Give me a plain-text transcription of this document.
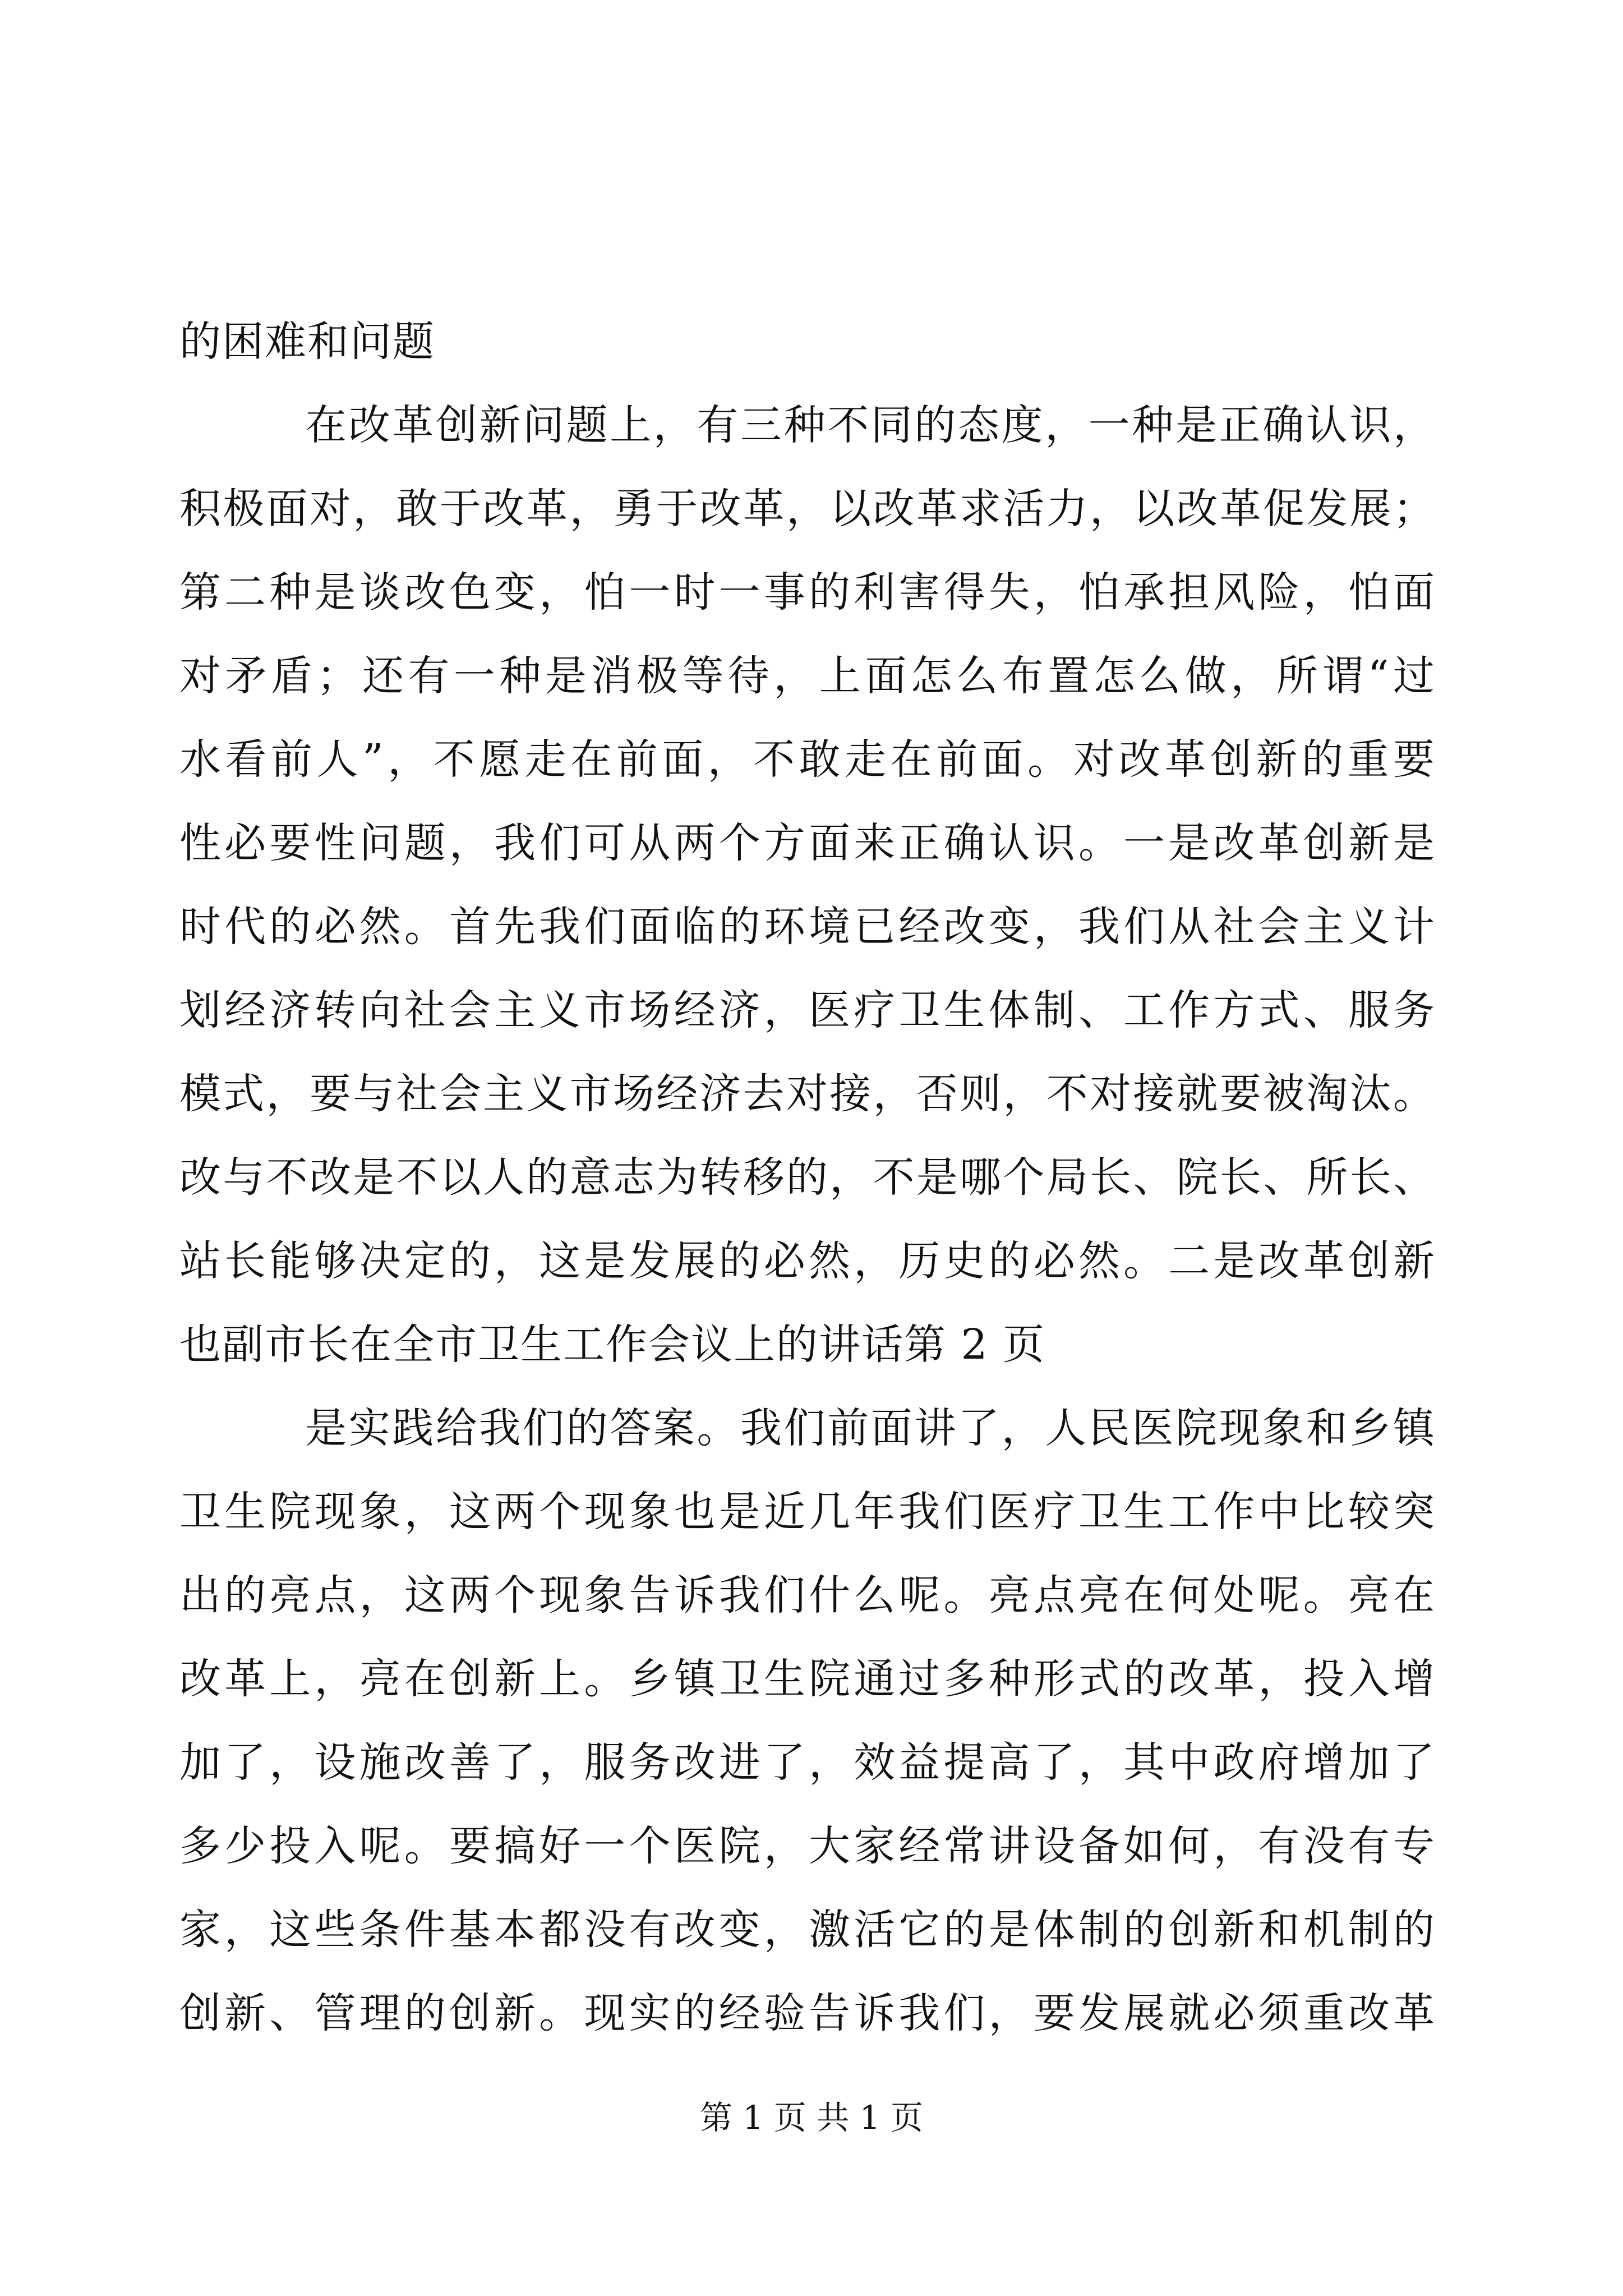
的困难和问题
在改革创新问题上，有三种不同的态度，一种是正确认识，
积极面对，敢于改革，勇于改革，以改革求活力，以改革促发展；
第二种是谈改色变，怕一时一事的利害得失，怕承担风险，怕面
对矛盾；还有一种是消极等待，上面怎么布置怎么做，所谓“过
水看前人”，不愿走在前面，不敢走在前面。对改革创新的重要
性必要性问题，我们可从两个方面来正确认识。一是改革创新是
时代的必然。首先我们面临的环境已经改变，我们从社会主义计
划经济转向社会主义市场经济，医疗卫生体制、工作方式、服务
模式，要与社会主义市场经济去对接，否则，不对接就要被淘汰。
改与不改是不以人的意志为转移的，不是哪个局长、院长、所长、
站长能够决定的，这是发展的必然，历史的必然。二是改革创新
也副市长在全市卫生工作会议上的讲话第 2 页
是实践给我们的答案。我们前面讲了，人民医院现象和乡镇
卫生院现象，这两个现象也是近几年我们医疗卫生工作中比较突
出的亮点，这两个现象告诉我们什么呢。亮点亮在何处呢。亮在
改革上，亮在创新上。乡镇卫生院通过多种形式的改革，投入增
加了，设施改善了，服务改进了，效益提高了，其中政府增加了
多少投入呢。要搞好一个医院，大家经常讲设备如何，有没有专
家，这些条件基本都没有改变，激活它的是体制的创新和机制的
创新、管理的创新。现实的经验告诉我们，要发展就必须重改革
第 1 页 共 1 页
